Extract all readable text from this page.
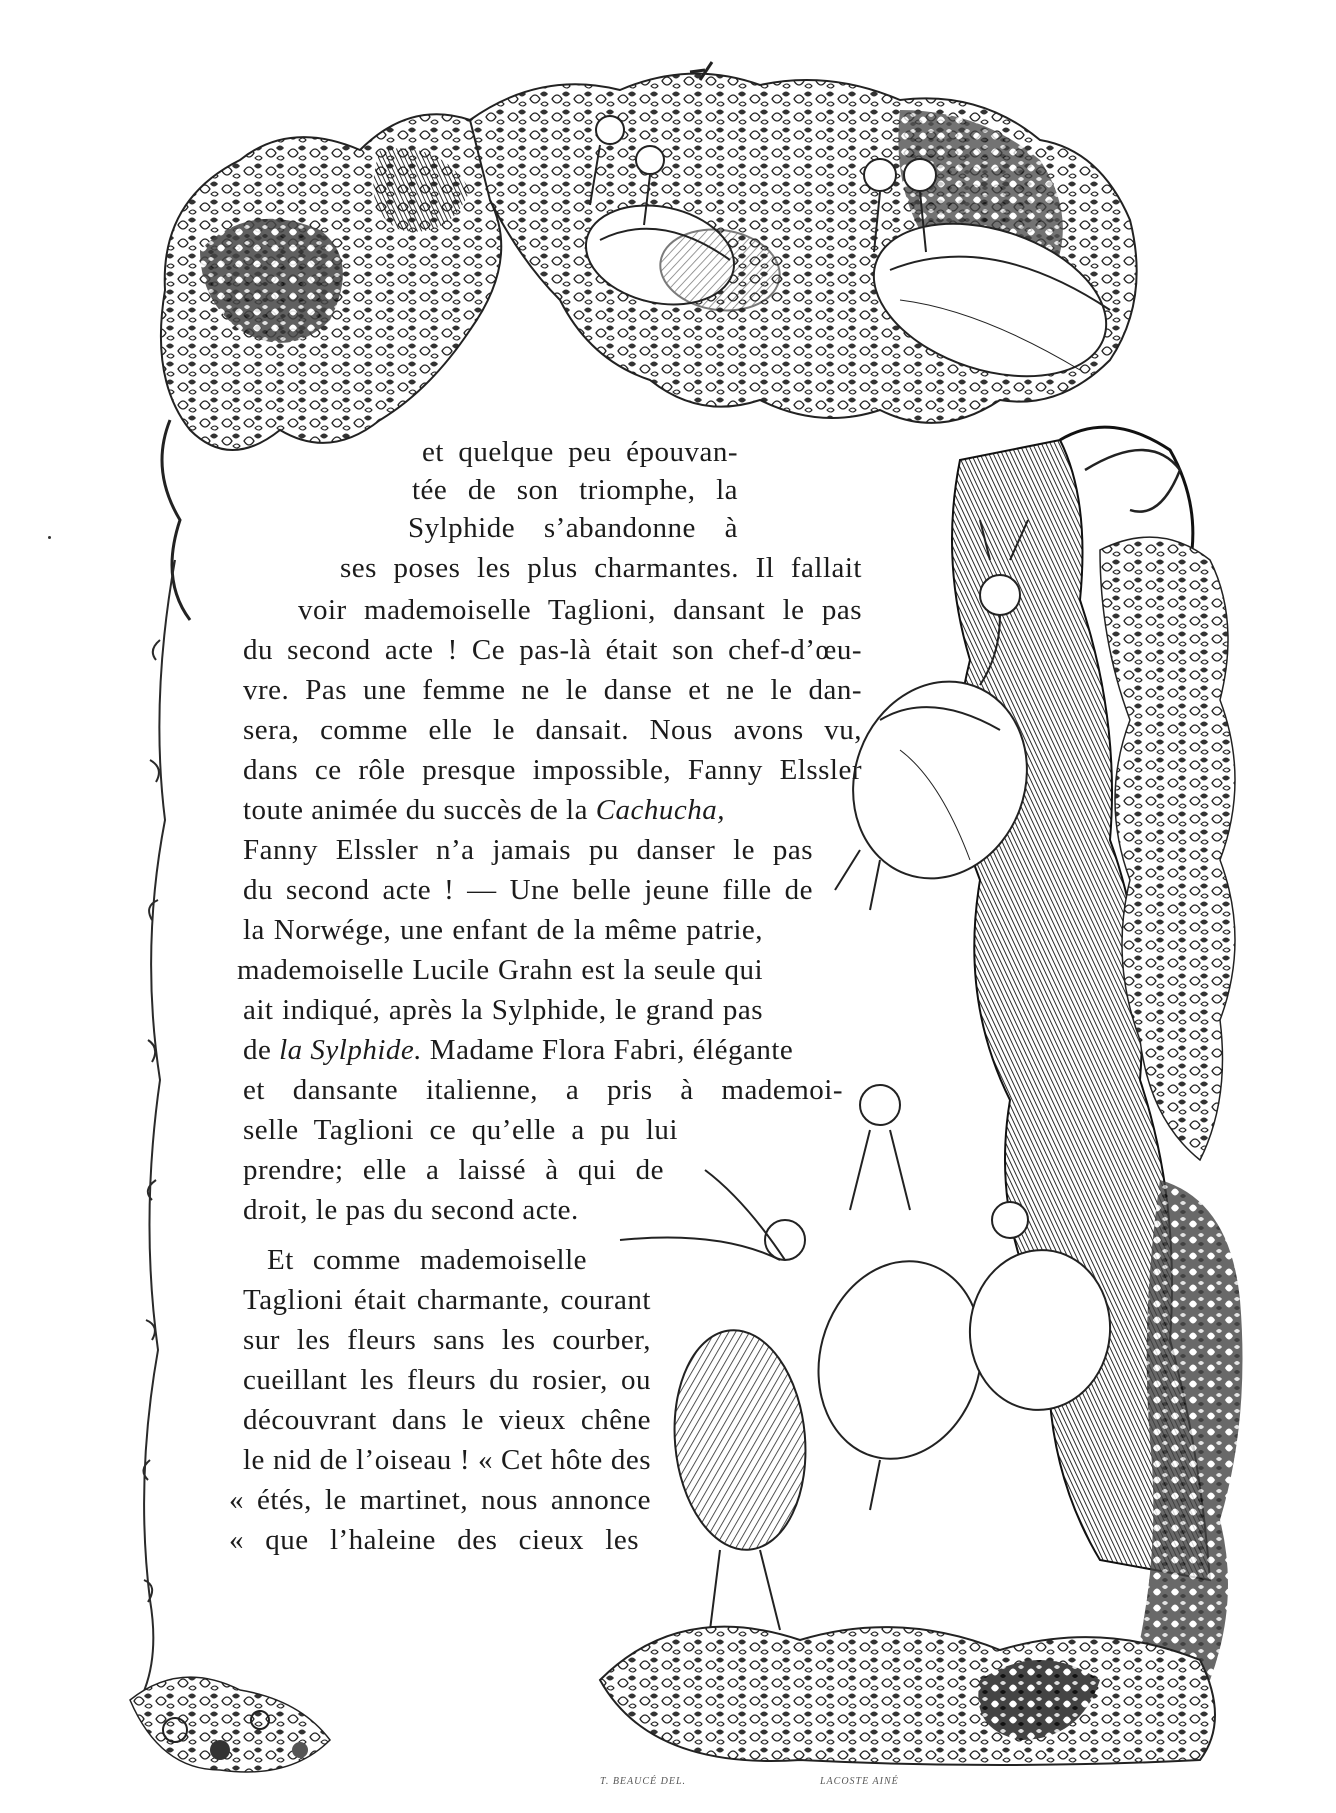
et quelque peu épouvan-
tée de son triomphe, la
Sylphide s’abandonne à
ses poses les plus charmantes. Il fallait
voir mademoiselle Taglioni, dansant le pas
du second acte ! Ce pas-là était son chef-d’œu-
vre. Pas une femme ne le danse et ne le dan-
sera, comme elle le dansait. Nous avons vu,
dans ce rôle presque impossible, Fanny Elssler
toute animée du succès de la Cachucha,
Fanny Elssler n’a jamais pu danser le pas
du second acte ! — Une belle jeune fille de
la Norwége, une enfant de la même patrie,
mademoiselle Lucile Grahn est la seule qui
ait indiqué, après la Sylphide, le grand pas
de la Sylphide. Madame Flora Fabri, élégante
et dansante italienne, a pris à mademoi-
selle Taglioni ce qu’elle a pu lui
prendre; elle a laissé à qui de
droit, le pas du second acte.
Et comme mademoiselle
Taglioni était charmante, courant
sur les fleurs sans les courber,
cueillant les fleurs du rosier, ou
découvrant dans le vieux chêne
le nid de l’oiseau ! « Cet hôte des
« étés, le martinet, nous annonce
« que l’haleine des cieux les
T. BEAUCÉ DEL.	LACOSTE AINÉ
